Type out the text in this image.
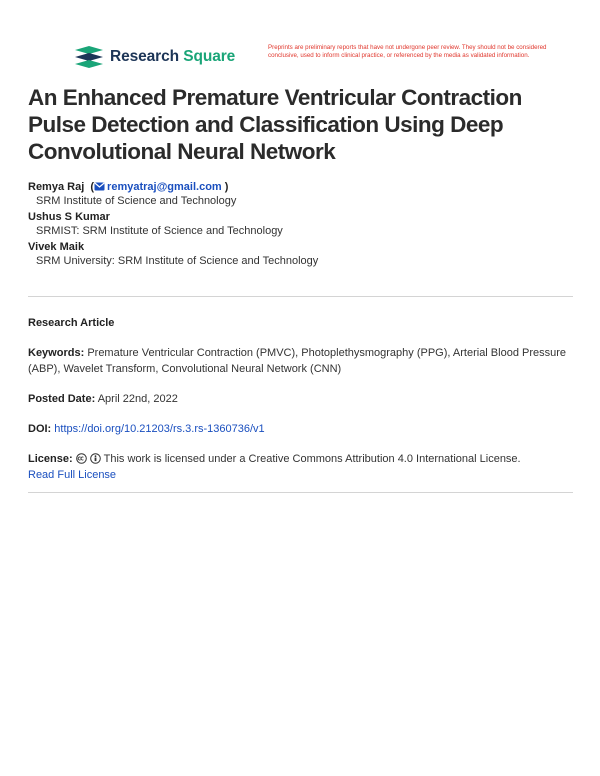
Research Square
Preprints are preliminary reports that have not undergone peer review. They should not be considered conclusive, used to inform clinical practice, or referenced by the media as validated information.
An Enhanced Premature Ventricular Contraction Pulse Detection and Classification Using Deep Convolutional Neural Network
Remya Raj  ( remyatraj@gmail.com )
SRM Institute of Science and Technology
Ushus S Kumar
SRMIST: SRM Institute of Science and Technology
Vivek Maik
SRM University: SRM Institute of Science and Technology
Research Article
Keywords: Premature Ventricular Contraction (PMVC), Photoplethysmography (PPG), Arterial Blood Pressure (ABP), Wavelet Transform, Convolutional Neural Network (CNN)
Posted Date: April 22nd, 2022
DOI: https://doi.org/10.21203/rs.3.rs-1360736/v1
License:	This work is licensed under a Creative Commons Attribution 4.0 International License.
Read Full License
